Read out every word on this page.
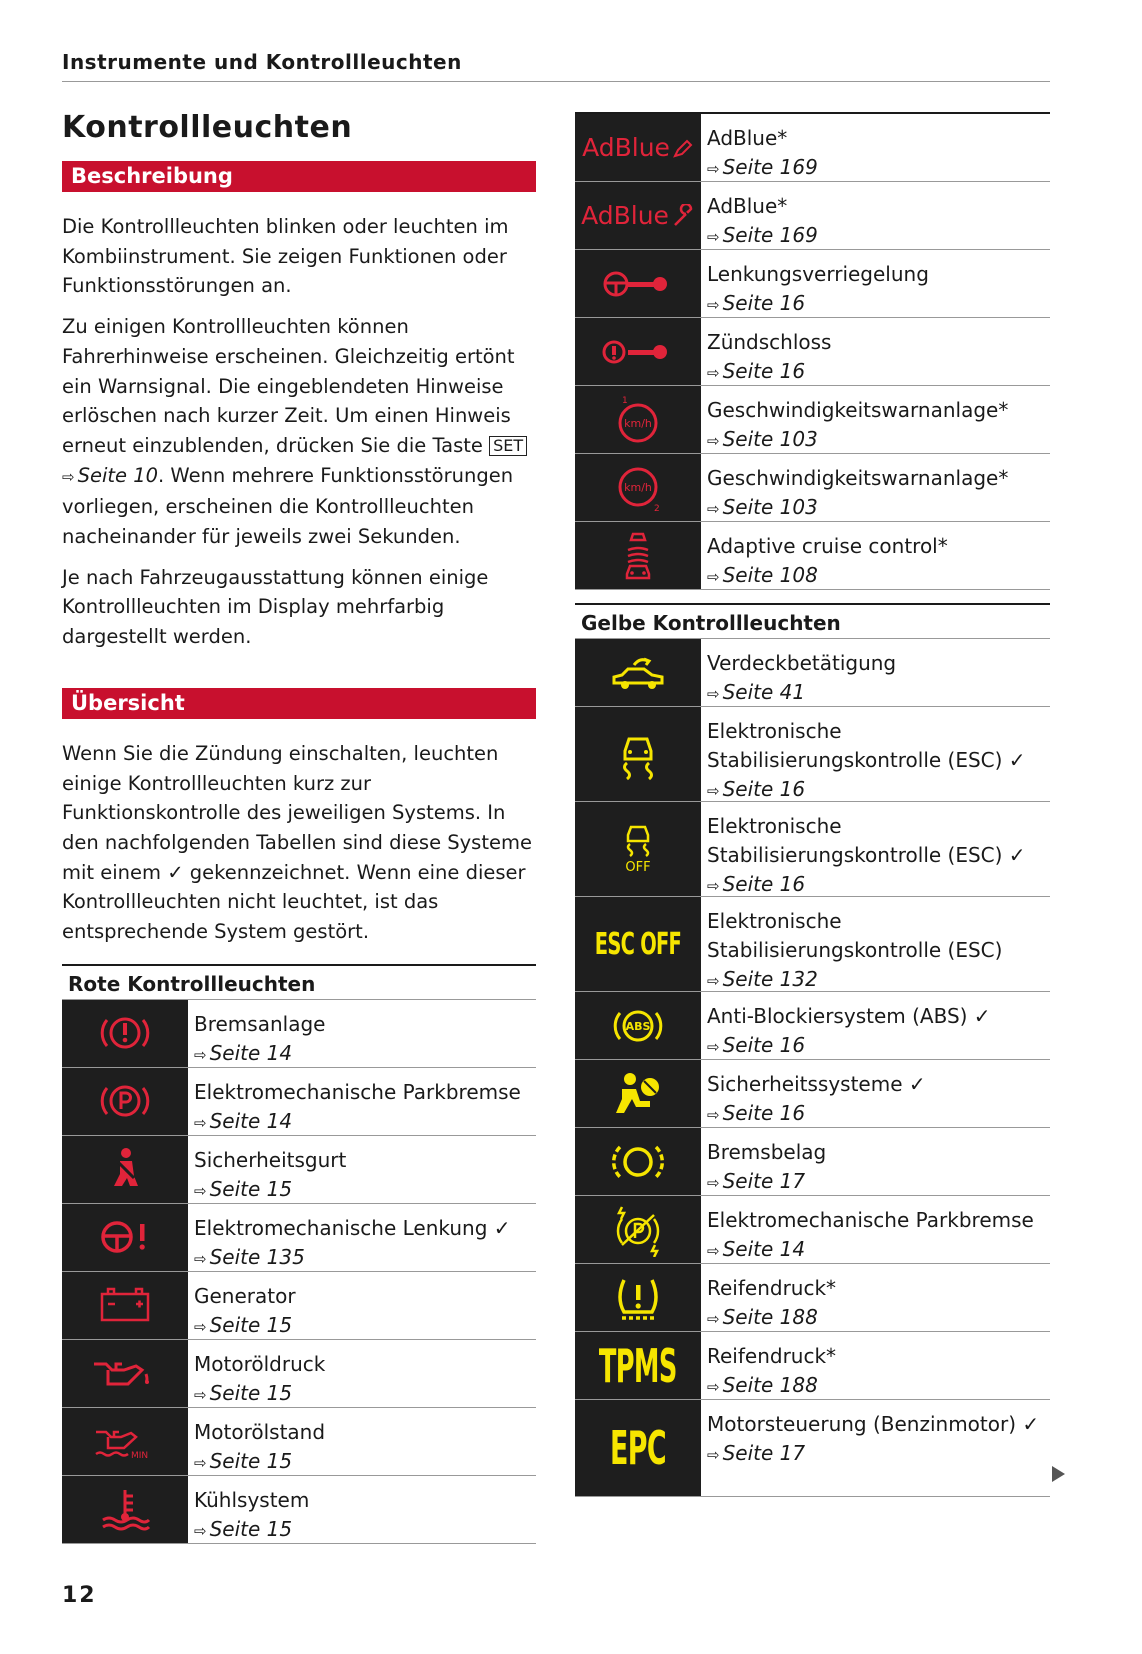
Instrumente und Kontrollleuchten
Kontrollleuchten
Beschreibung

Die Kontrollleuchten blinken oder leuchten im Kombiinstrument. Sie zeigen Funktionen oder Funktionsstörungen an.

Zu einigen Kontrollleuchten können Fahrerhinweise erscheinen. Gleichzeitig ertönt ein Warnsignal. Die eingeblendeten Hinweise erlöschen nach kurzer Zeit. Um einen Hinweis erneut einzublenden, drücken Sie die Taste SET ⇨ Seite 10. Wenn mehrere Funktionsstörungen vorliegen, erscheinen die Kontrollleuchten nacheinander für jeweils zwei Sekunden.

Je nach Fahrzeugausstattung können einige Kontrollleuchten im Display mehrfarbig dargestellt werden.

Übersicht

Wenn Sie die Zündung einschalten, leuchten einige Kontrollleuchten kurz zur Funktionskontrolle des jeweiligen Systems. In den nachfolgenden Tabellen sind diese Systeme mit einem ✓ gekennzeichnet. Wenn eine dieser Kontrollleuchten nicht leuchtet, ist das entsprechende System gestört.

Rote Kontrollleuchten
Bremsanlage
⇨ Seite 14
Elektromechanische Parkbremse
⇨ Seite 14
Sicherheitsgurt
⇨ Seite 15
Elektromechanische Lenkung ✓
⇨ Seite 135
Generator
⇨ Seite 15
Motoröldruck
⇨ Seite 15
MIN
Motorölstand
⇨ Seite 15
Kühlsystem
⇨ Seite 15
AdBlue AdBlue*
⇨ Seite 169
AdBlue AdBlue*
⇨ Seite 169
Lenkungsverriegelung
⇨ Seite 16
Zündschloss
⇨ Seite 16
km/h
1	Geschwindigkeitswarnanlage*
⇨ Seite 103
km/h
2
Geschwindigkeitswarnanlage*
⇨ Seite 103
Adaptive cruise control*
⇨ Seite 108
Gelbe Kontrollleuchten
Verdeckbetätigung
⇨ Seite 41
Elektronische Stabilisierungskontrolle (ESC) ✓
⇨ Seite 16
OFF
Elektronische Stabilisierungskontrolle (ESC) ✓
⇨ Seite 16
ESC OFF
Elektronische Stabilisierungskontrolle (ESC)
⇨ Seite 132
ABS	Anti-Blockiersystem (ABS) ✓
⇨ Seite 16
Sicherheitssysteme ✓
⇨ Seite 16
Bremsbelag
⇨ Seite 17
Elektromechanische Parkbremse
⇨ Seite 14
Reifendruck*
⇨ Seite 188
TPMS Reifendruck*
⇨ Seite 188
EPC Motorsteuerung (Benzinmotor) ✓
⇨ Seite 17
12
